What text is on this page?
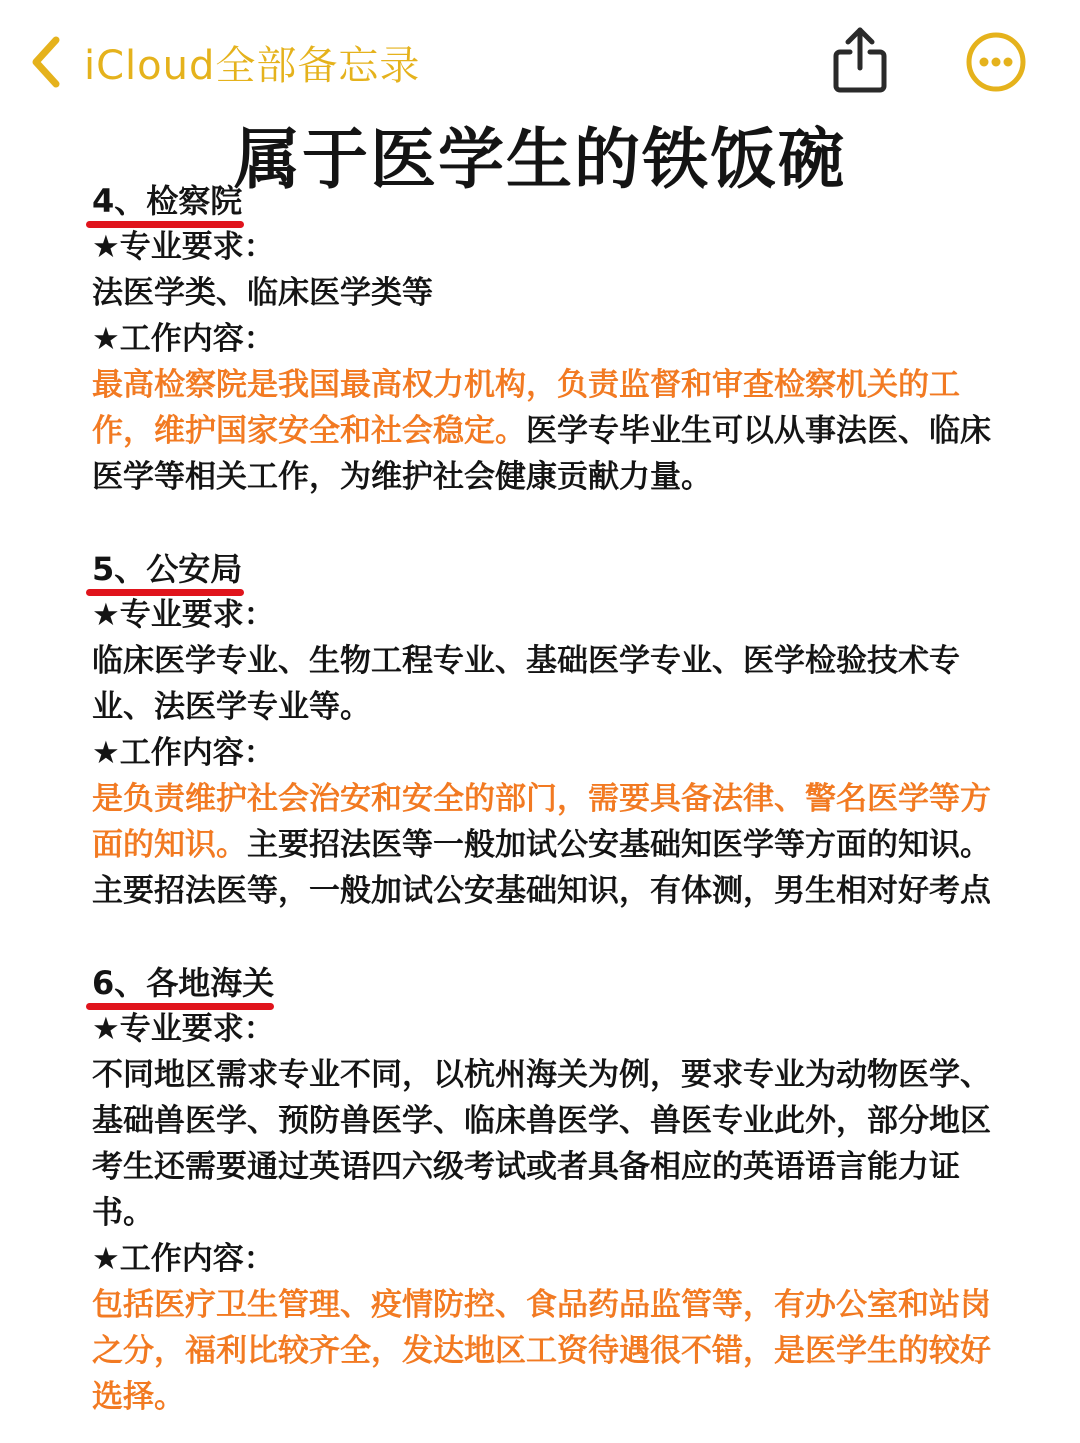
iCloud全部备忘录
属于医学生的铁饭碗
4、检察院
★专业要求：
法医学类、临床医学类等
★工作内容：
最高检察院是我国最高权力机构，负责监督和审查检察机关的工
作，维护国家安全和社会稳定。医学专毕业生可以从事法医、临床
医学等相关工作，为维护社会健康贡献力量。
5、公安局
★专业要求：
临床医学专业、生物工程专业、基础医学专业、医学检验技术专
业、法医学专业等。
★工作内容：
是负责维护社会治安和安全的部门，需要具备法律、警名医学等方
面的知识。主要招法医等一般加试公安基础知医学等方面的知识。
主要招法医等，一般加试公安基础知识，有体测，男生相对好考点
6、各地海关
★专业要求：
不同地区需求专业不同，以杭州海关为例，要求专业为动物医学、
基础兽医学、预防兽医学、临床兽医学、兽医专业此外，部分地区
考生还需要通过英语四六级考试或者具备相应的英语语言能力证
书。
★工作内容：
包括医疗卫生管理、疫情防控、食品药品监管等，有办公室和站岗
之分，福利比较齐全，发达地区工资待遇很不错，是医学生的较好
选择。
